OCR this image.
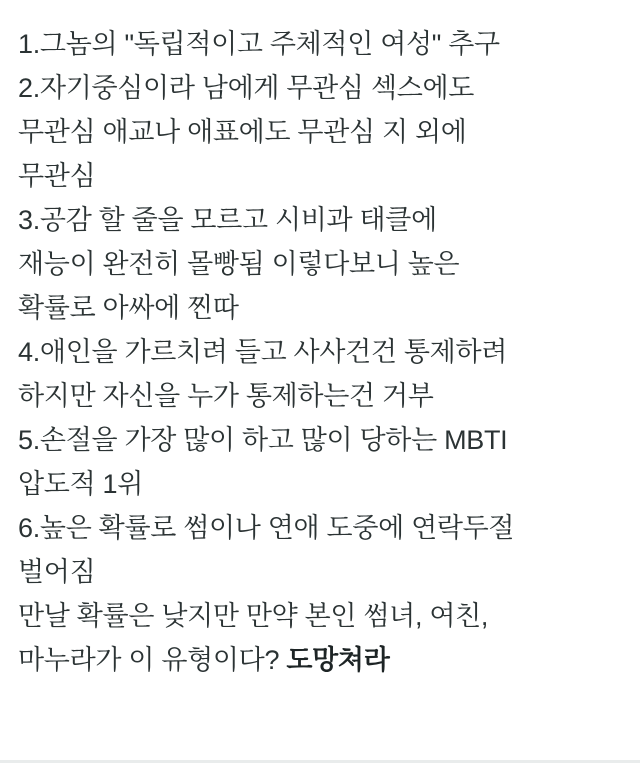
1.그놈의 "독립적이고 주체적인 여성" 추구
2.자기중심이라 남에게 무관심 섹스에도
무관심 애교나 애표에도 무관심 지 외에
무관심
3.공감 할 줄을 모르고 시비과 태클에
재능이 완전히 몰빵됨 이렇다보니 높은
확률로 아싸에 찐따
4.애인을 가르치려 들고 사사건건 통제하려
하지만 자신을 누가 통제하는건 거부
5.손절을 가장 많이 하고 많이 당하는 MBTI
압도적 1위
6.높은 확률로 썸이나 연애 도중에 연락두절
벌어짐
만날 확률은 낮지만 만약 본인 썸녀, 여친,
마누라가 이 유형이다? 도망쳐라
